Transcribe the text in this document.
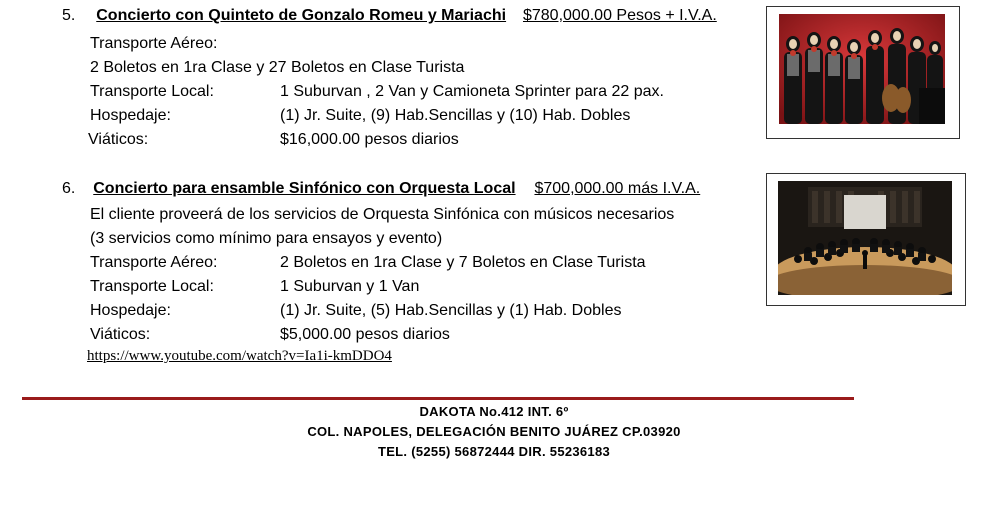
5. Concierto con Quinteto de Gonzalo Romeu y Mariachi $780,000.00 Pesos + I.V.A.
Transporte Aéreo:
2 Boletos en 1ra Clase y 27 Boletos en Clase Turista
Transporte Local:	1 Suburvan , 2 Van y Camioneta Sprinter para 22 pax.
Hospedaje:	(1) Jr. Suite, (9) Hab.Sencillas y (10) Hab. Dobles
Viáticos:	$16,000.00 pesos diarios
6. Concierto para ensamble Sinfónico con Orquesta Local $700,000.00 más I.V.A.
El cliente proveerá de los servicios de Orquesta Sinfónica con músicos necesarios
(3 servicios como mínimo para ensayos y evento)
Transporte Aéreo:	2 Boletos en 1ra Clase y 7 Boletos en Clase Turista
Transporte Local:	1 Suburvan y 1 Van
Hospedaje:	(1) Jr. Suite, (5) Hab.Sencillas y (1) Hab. Dobles
Viáticos:	$5,000.00 pesos diarios
https://www.youtube.com/watch?v=Ia1i-kmDDO4
DAKOTA No.412 INT. 6º
COL. NAPOLES, DELEGACIÓN BENITO JUÁREZ CP.03920
TEL. (5255) 56872444 DIR. 55236183
